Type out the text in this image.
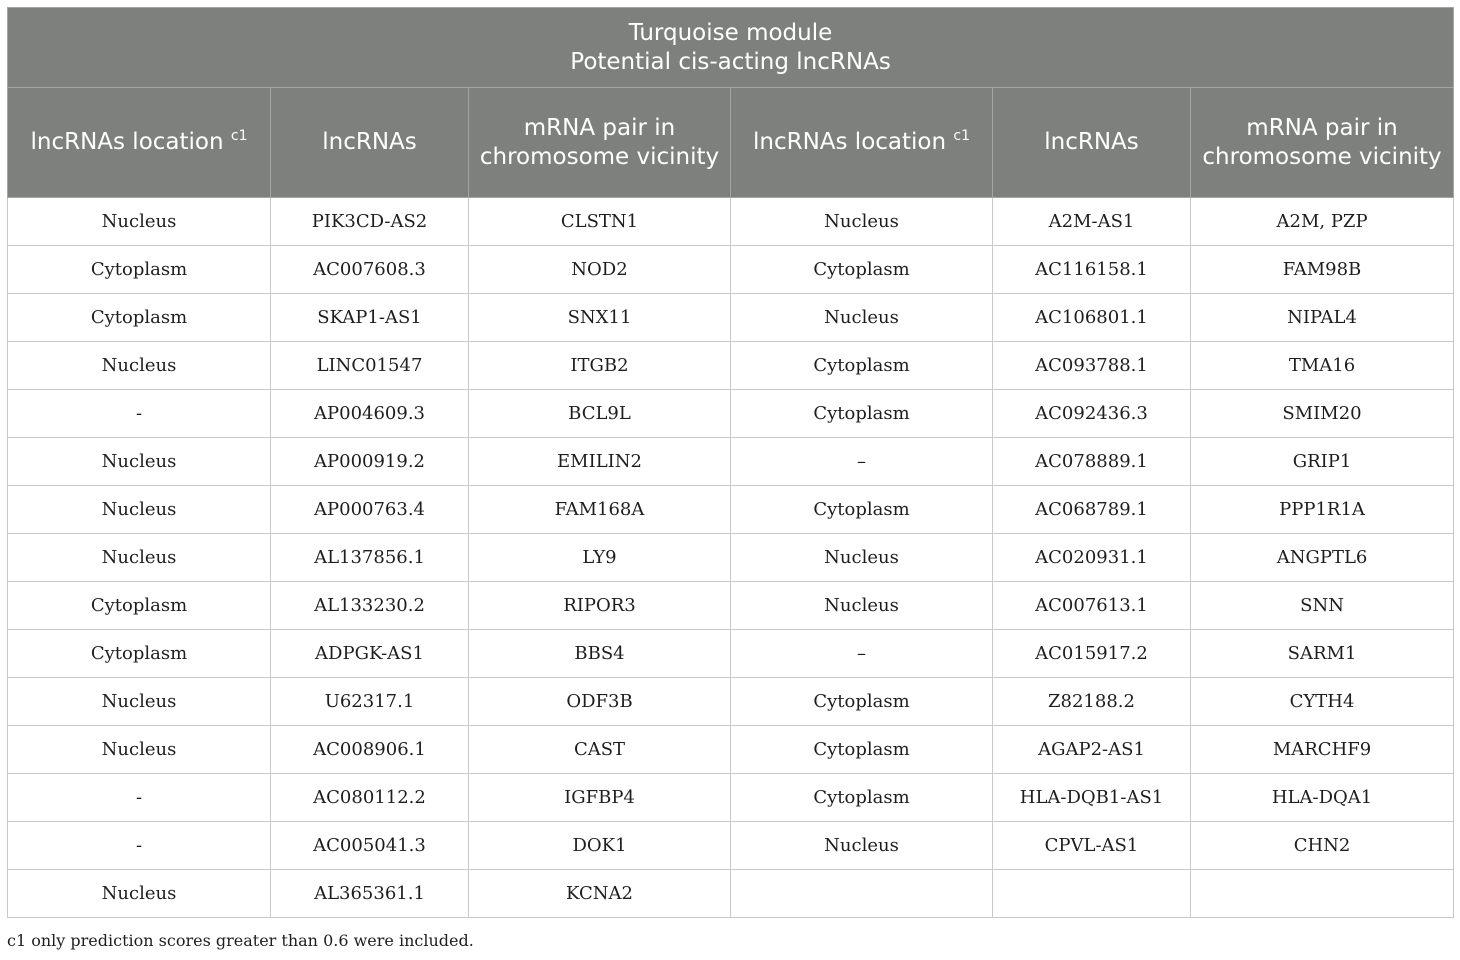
Turquoise module
Potential cis-acting lncRNAs					

lncRNAs location $^{c1}$	lncRNAs	mRNA pair in chromosome vicinity	lncRNAs location $^{c1}$	lncRNAs	mRNA pair in chromosome vicinity
Nucleus	PIK3CD-AS2	CLSTN1	Nucleus	A2M-AS1	A2M, PZP
Cytoplasm	AC007608.3	NOD2	Cytoplasm	AC116158.1	FAM98B
Cytoplasm	SKAP1-AS1	SNX11	Nucleus	AC106801.1	NIPAL4
Nucleus	LINC01547	ITGB2	Cytoplasm	AC093788.1	TMA16
-	AP004609.3	BCL9L	Cytoplasm	AC092436.3	SMIM20
Nucleus	AP000919.2	EMILIN2	–	AC078889.1	GRIP1
Nucleus	AP000763.4	FAM168A	Cytoplasm	AC068789.1	PPP1R1A
Nucleus	AL137856.1	LY9	Nucleus	AC020931.1	ANGPTL6
Cytoplasm	AL133230.2	RIPOR3	Nucleus	AC007613.1	SNN
Cytoplasm	ADPGK-AS1	BBS4	–	AC015917.2	SARM1
Nucleus	U62317.1	ODF3B	Cytoplasm	Z82188.2	CYTH4
Nucleus	AC008906.1	CAST	Cytoplasm	AGAP2-AS1	MARCHF9
-	AC080112.2	IGFBP4	Cytoplasm	HLA-DQB1-AS1	HLA-DQA1
-	AC005041.3	DOK1	Nucleus	CPVL-AS1	CHN2
Nucleus	AL365361.1	KCNA2			
c1 only prediction scores greater than 0.6 were included.
